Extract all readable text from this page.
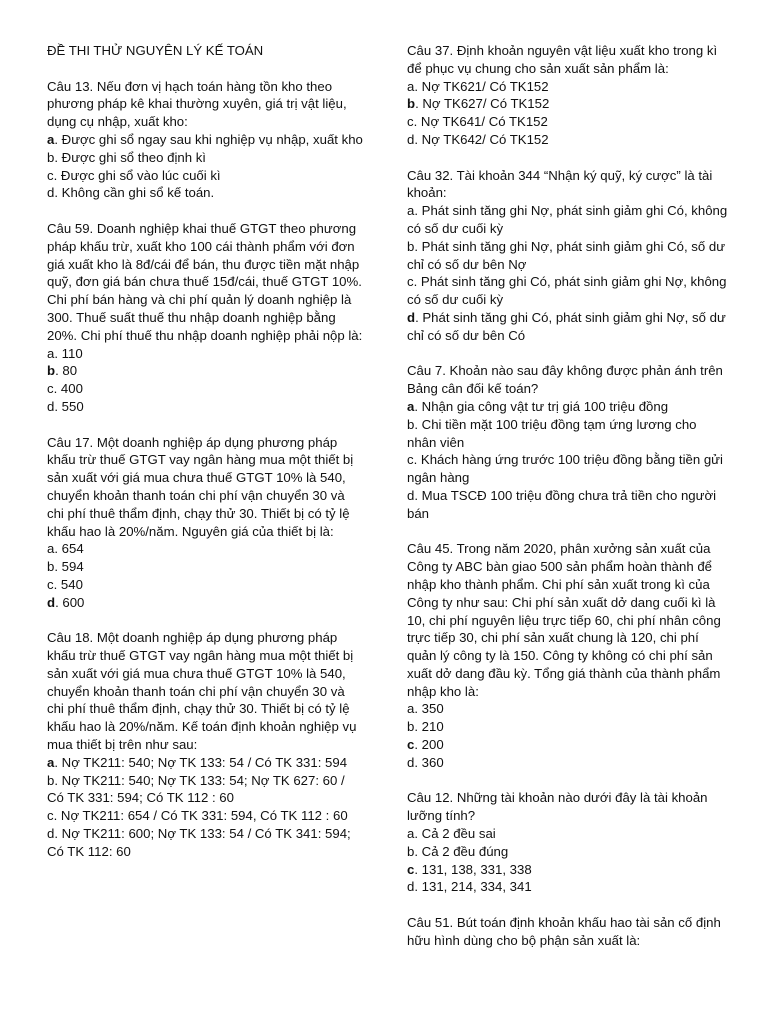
ĐỀ THI THỬ NGUYÊN LÝ KẾ TOÁN
Câu 13. Nếu đơn vị hạch toán hàng tồn kho theo phương pháp kê khai thường xuyên, giá trị vật liệu, dụng cụ nhập, xuất kho:
a. Được ghi sổ ngay sau khi nghiệp vụ nhập, xuất kho
b. Được ghi sổ theo định kì
c. Được ghi sổ vào lúc cuối kì
d. Không cần ghi sổ kế toán.
Câu 59. Doanh nghiệp khai thuế GTGT theo phương pháp khấu trừ, xuất kho 100 cái thành phẩm với đơn giá xuất kho là 8đ/cái để bán, thu được tiền mặt nhập quỹ, đơn giá bán chưa thuế 15đ/cái, thuế GTGT 10%. Chi phí bán hàng và chi phí quản lý doanh nghiệp là 300. Thuế suất thuế thu nhập doanh nghiệp bằng 20%. Chi phí thuế thu nhập doanh nghiệp phải nộp là:
a. 110
b. 80
c. 400
d. 550
Câu 17. Một doanh nghiệp áp dụng phương pháp khấu trừ thuế GTGT vay ngân hàng mua một thiết bị sản xuất với giá mua chưa thuế GTGT 10% là 540, chuyển khoản thanh toán chi phí vận chuyển 30 và chi phí thuê thẩm định, chạy thử 30. Thiết bị có tỷ lệ khấu hao là 20%/năm. Nguyên giá của thiết bị là:
a. 654
b. 594
c. 540
d. 600
Câu 18. Một doanh nghiệp áp dụng phương pháp khấu trừ thuế GTGT vay ngân hàng mua một thiết bị sản xuất với giá mua chưa thuế GTGT 10% là 540, chuyển khoản thanh toán chi phí vận chuyển 30 và chi phí thuê thẩm định, chạy thử 30. Thiết bị có tỷ lệ khấu hao là 20%/năm. Kế toán định khoản nghiệp vụ mua thiết bị trên như sau:
a. Nợ TK211: 540; Nợ TK 133: 54 / Có TK 331: 594
b. Nợ TK211: 540; Nợ TK 133: 54; Nợ TK 627: 60 / Có TK 331: 594; Có TK 112 : 60
c. Nợ TK211: 654 / Có TK 331: 594, Có TK 112 : 60
d. Nợ TK211: 600; Nợ TK 133: 54 / Có TK 341: 594; Có TK 112: 60
Câu 37. Định khoản nguyên vật liệu xuất kho trong kì để phục vụ chung cho sản xuất sản phẩm là:
a. Nợ TK621/ Có TK152
b. Nợ TK627/ Có TK152
c. Nợ TK641/ Có TK152
d. Nợ TK642/ Có TK152
Câu 32. Tài khoản 344 “Nhận ký quỹ, ký cược” là tài khoản:
a. Phát sinh tăng ghi Nợ, phát sinh giảm ghi Có, không có số dư cuối kỳ
b. Phát sinh tăng ghi Nợ, phát sinh giảm ghi Có, số dư chỉ có số dư bên Nợ
c. Phát sinh tăng ghi Có, phát sinh giảm ghi Nợ, không có số dư cuối kỳ
d. Phát sinh tăng ghi Có, phát sinh giảm ghi Nợ, số dư chỉ có số dư bên Có
Câu 7. Khoản nào sau đây không được phản ánh trên Bảng cân đối kế toán?
a. Nhận gia công vật tư trị giá 100 triệu đồng
b. Chi tiền mặt 100 triệu đồng tạm ứng lương cho nhân viên
c. Khách hàng ứng trước 100 triệu đồng bằng tiền gửi ngân hàng
d. Mua TSCĐ 100 triệu đồng chưa trả tiền cho người bán
Câu 45. Trong năm 2020, phân xưởng sản xuất của Công ty ABC bàn giao 500 sản phẩm hoàn thành để nhập kho thành phẩm. Chi phí sản xuất trong kì của Công ty như sau: Chi phí sản xuất dở dang cuối kì là 10, chi phí nguyên liệu trực tiếp 60, chi phí nhân công trực tiếp 30, chi phí sản xuất chung là 120, chi phí quản lý công ty là 150. Công ty không có chi phí sản xuất dở dang đầu kỳ. Tổng giá thành của thành phẩm nhập kho là:
a. 350
b. 210
c. 200
d. 360
Câu 12. Những tài khoản nào dưới đây là tài khoản lưỡng tính?
a. Cả 2 đều sai
b. Cả 2 đều đúng
c. 131, 138, 331, 338
d. 131, 214, 334, 341
Câu 51. Bút toán định khoản khấu hao tài sản cố định hữu hình dùng cho bộ phận sản xuất là:
